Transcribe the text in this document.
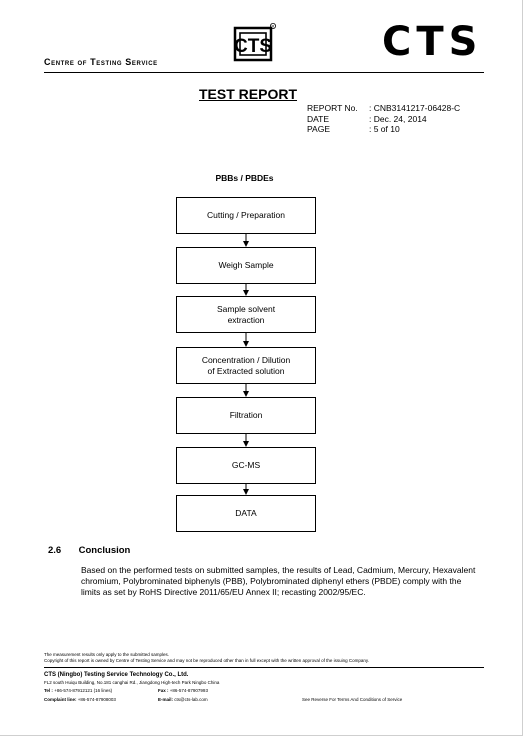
Centre of Testing Service
CTS
R	CTS
TEST REPORT
REPORT No.	: CNB3141217-06428-C
DATE	: Dec. 24, 2014
PAGE	: 5 of 10
PBBs / PBDEs
Cutting / Preparation
Weigh Sample
Sample solvent
extraction
Concentration / Dilution
of Extracted solution
Filtration
GC-MS
DATA
2.6 Conclusion
Based on the performed tests on submitted samples, the results of Lead, Cadmium, Mercury, Hexavalent chromium, Polybrominated biphenyls (PBB), Polybrominated diphenyl ethers (PBDE) comply with the limits as set by RoHS Directive 2011/65/EU Annex II; recasting 2002/95/EC.
The measurement results only apply to the submitted samples.
Copyright of this report is owned by Centre of Testing Service and may not be reproduced other than in full except with the written approval of the issuing Company.
CTS (Ningbo) Testing Service Technology Co., Ltd.
FL2 south Huiqu Building, No.181 canghai Rd., Jiangdong High-tech Park Ningbo China
Tel : +86-574-87912121 (16 lines)	Fax : +86-574-87907993
Complaint line: +86-574-87908003	E-mail: cts@cts-lab.com	See Reverse For Terms And Conditions of Service
